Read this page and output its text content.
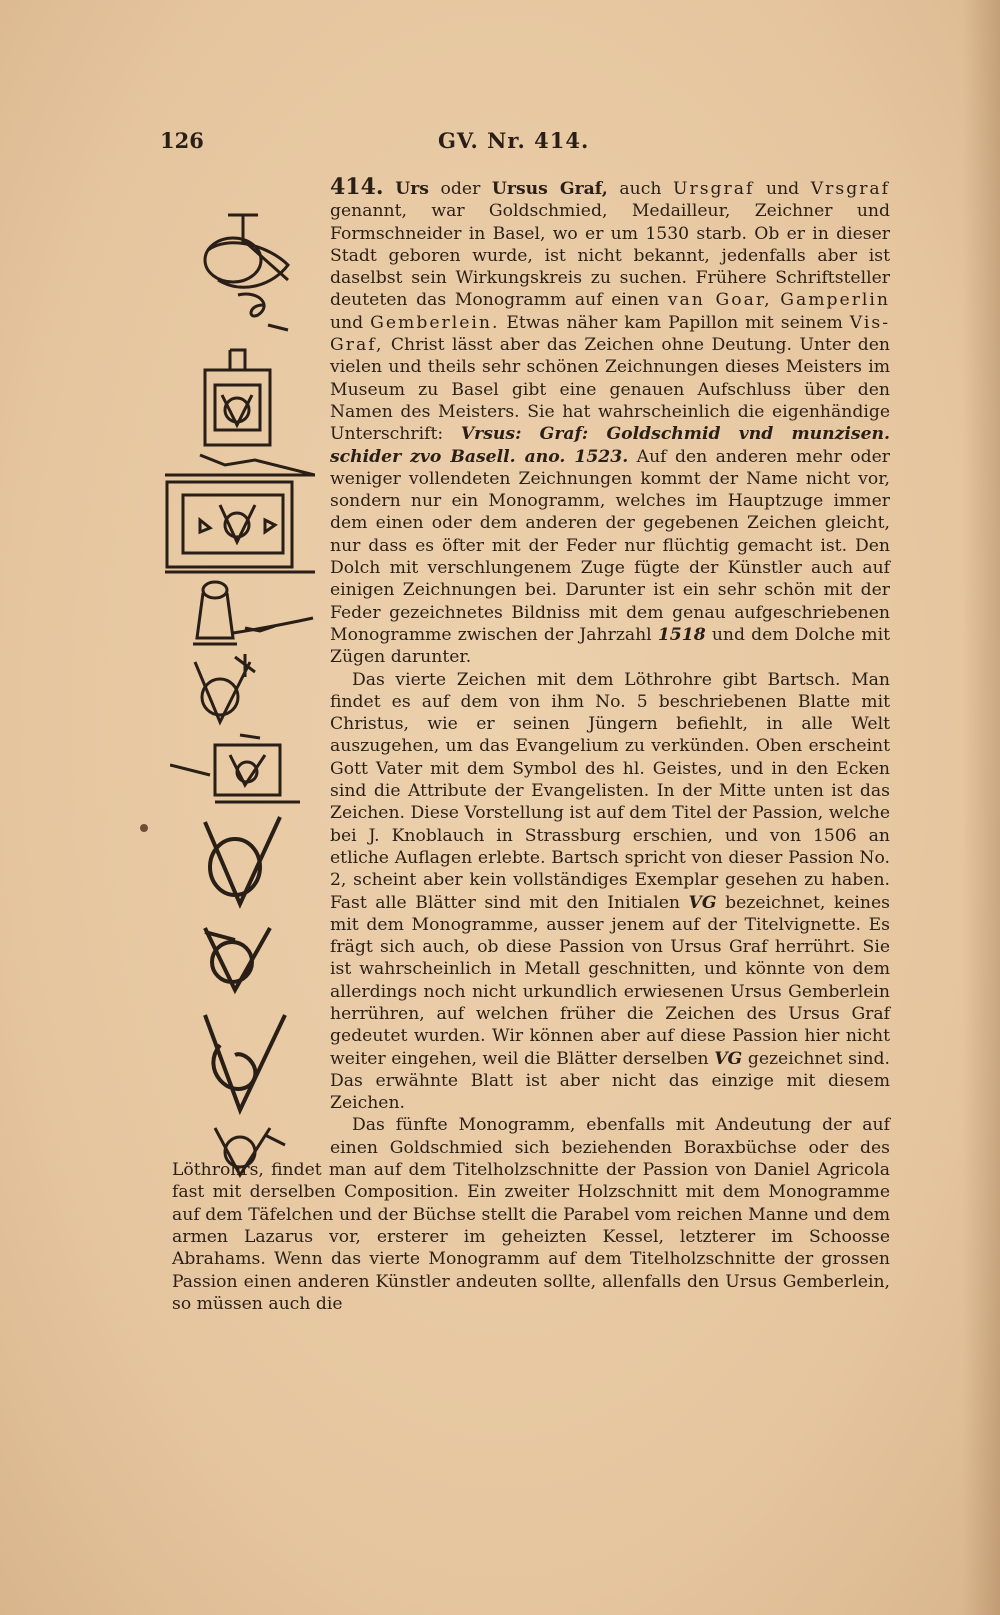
126	GV. Nr. 414.

414. Urs oder Ursus Graf, auch Ursgraf und Vrsgraf genannt, war Goldschmied, Medailleur, Zeichner und Formschneider in Basel, wo er um 1530 starb. Ob er in dieser Stadt geboren wurde, ist nicht bekannt, jedenfalls aber ist daselbst sein Wirkungskreis zu suchen. Frühere Schriftsteller deuteten das Monogramm auf einen van Goar, Gamperlin und Gemberlein. Etwas näher kam Papillon mit seinem Vis-Graf, Christ lässt aber das Zeichen ohne Deutung. Unter den vielen und theils sehr schönen Zeichnungen dieses Meisters im Museum zu Basel gibt eine genauen Aufschluss über den Namen des Meisters. Sie hat wahrscheinlich die eigenhändige Unterschrift: Vrsus: Graf: Goldschmid vnd munzisen. schider zvo Basell. ano. 1523. Auf den anderen mehr oder weniger vollendeten Zeichnungen kommt der Name nicht vor, sondern nur ein Monogramm, welches im Hauptzuge immer dem einen oder dem anderen der gegebenen Zeichen gleicht, nur dass es öfter mit der Feder nur flüchtig gemacht ist. Den Dolch mit verschlungenem Zuge fügte der Künstler auch auf einigen Zeichnungen bei. Darunter ist ein sehr schön mit der Feder gezeichnetes Bildniss mit dem genau aufgeschriebenen Monogramme zwischen der Jahrzahl 1518 und dem Dolche mit Zügen darunter.

Das vierte Zeichen mit dem Löthrohre gibt Bartsch. Man findet es auf dem von ihm No. 5 beschriebenen Blatte mit Christus, wie er seinen Jüngern befiehlt, in alle Welt auszugehen, um das Evangelium zu verkünden. Oben erscheint Gott Vater mit dem Symbol des hl. Geistes, und in den Ecken sind die Attribute der Evangelisten. In der Mitte unten ist das Zeichen. Diese Vorstellung ist auf dem Titel der Passion, welche bei J. Knoblauch in Strassburg erschien, und von 1506 an etliche Auflagen erlebte. Bartsch spricht von dieser Passion No. 2, scheint aber kein vollständiges Exemplar gesehen zu haben. Fast alle Blätter sind mit den Initialen VG bezeichnet, keines mit dem Monogramme, ausser jenem auf der Titelvignette. Es frägt sich auch, ob diese Passion von Ursus Graf herrührt. Sie ist wahrscheinlich in Metall geschnitten, und könnte von dem allerdings noch nicht urkundlich erwiesenen Ursus Gemberlein herrühren, auf welchen früher die Zeichen des Ursus Graf gedeutet wurden. Wir können aber auf diese Passion hier nicht weiter eingehen, weil die Blätter derselben VG gezeichnet sind. Das erwähnte Blatt ist aber nicht das einzige mit diesem Zeichen.

Das fünfte Monogramm, ebenfalls mit Andeutung der auf einen Goldschmied sich beziehenden Boraxbüchse oder des Löthrohrs, findet man auf dem Titelholzschnitte der Passion von Daniel Agricola fast mit derselben Composition. Ein zweiter Holzschnitt mit dem Monogramme auf dem Täfelchen und der Büchse stellt die Parabel vom reichen Manne und dem armen Lazarus vor, ersterer im geheizten Kessel, letzterer im Schoosse Abrahams. Wenn das vierte Monogramm auf dem Titelholzschnitte der grossen Passion einen anderen Künstler andeuten sollte, allenfalls den Ursus Gemberlein, so müssen auch die
